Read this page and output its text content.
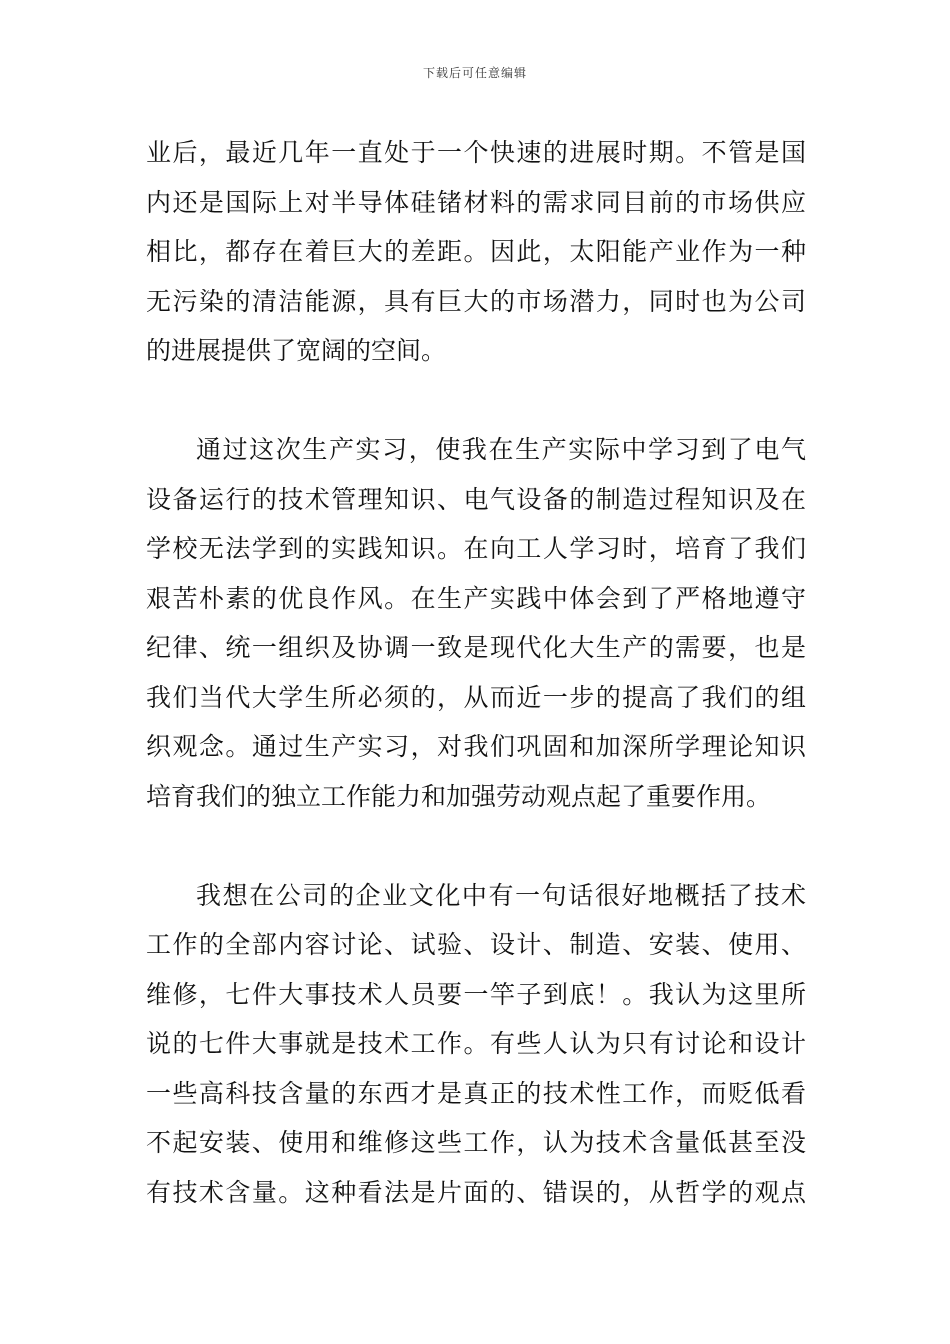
下载后可任意编辑
业后，最近几年一直处于一个快速的进展时期。不管是国
内还是国际上对半导体硅锗材料的需求同目前的市场供应
相比，都存在着巨大的差距。因此，太阳能产业作为一种
无污染的清洁能源，具有巨大的市场潜力，同时也为公司
的进展提供了宽阔的空间。
通过这次生产实习，使我在生产实际中学习到了电气
设备运行的技术管理知识、电气设备的制造过程知识及在
学校无法学到的实践知识。在向工人学习时，培育了我们
艰苦朴素的优良作风。在生产实践中体会到了严格地遵守
纪律、统一组织及协调一致是现代化大生产的需要，也是
我们当代大学生所必须的，从而近一步的提高了我们的组
织观念。通过生产实习，对我们巩固和加深所学理论知识
培育我们的独立工作能力和加强劳动观点起了重要作用。
我想在公司的企业文化中有一句话很好地概括了技术
工作的全部内容讨论、试验、设计、制造、安装、使用、
维修，七件大事技术人员要一竿子到底！。我认为这里所
说的七件大事就是技术工作。有些人认为只有讨论和设计
一些高科技含量的东西才是真正的技术性工作，而贬低看
不起安装、使用和维修这些工作，认为技术含量低甚至没
有技术含量。这种看法是片面的、错误的，从哲学的观点
